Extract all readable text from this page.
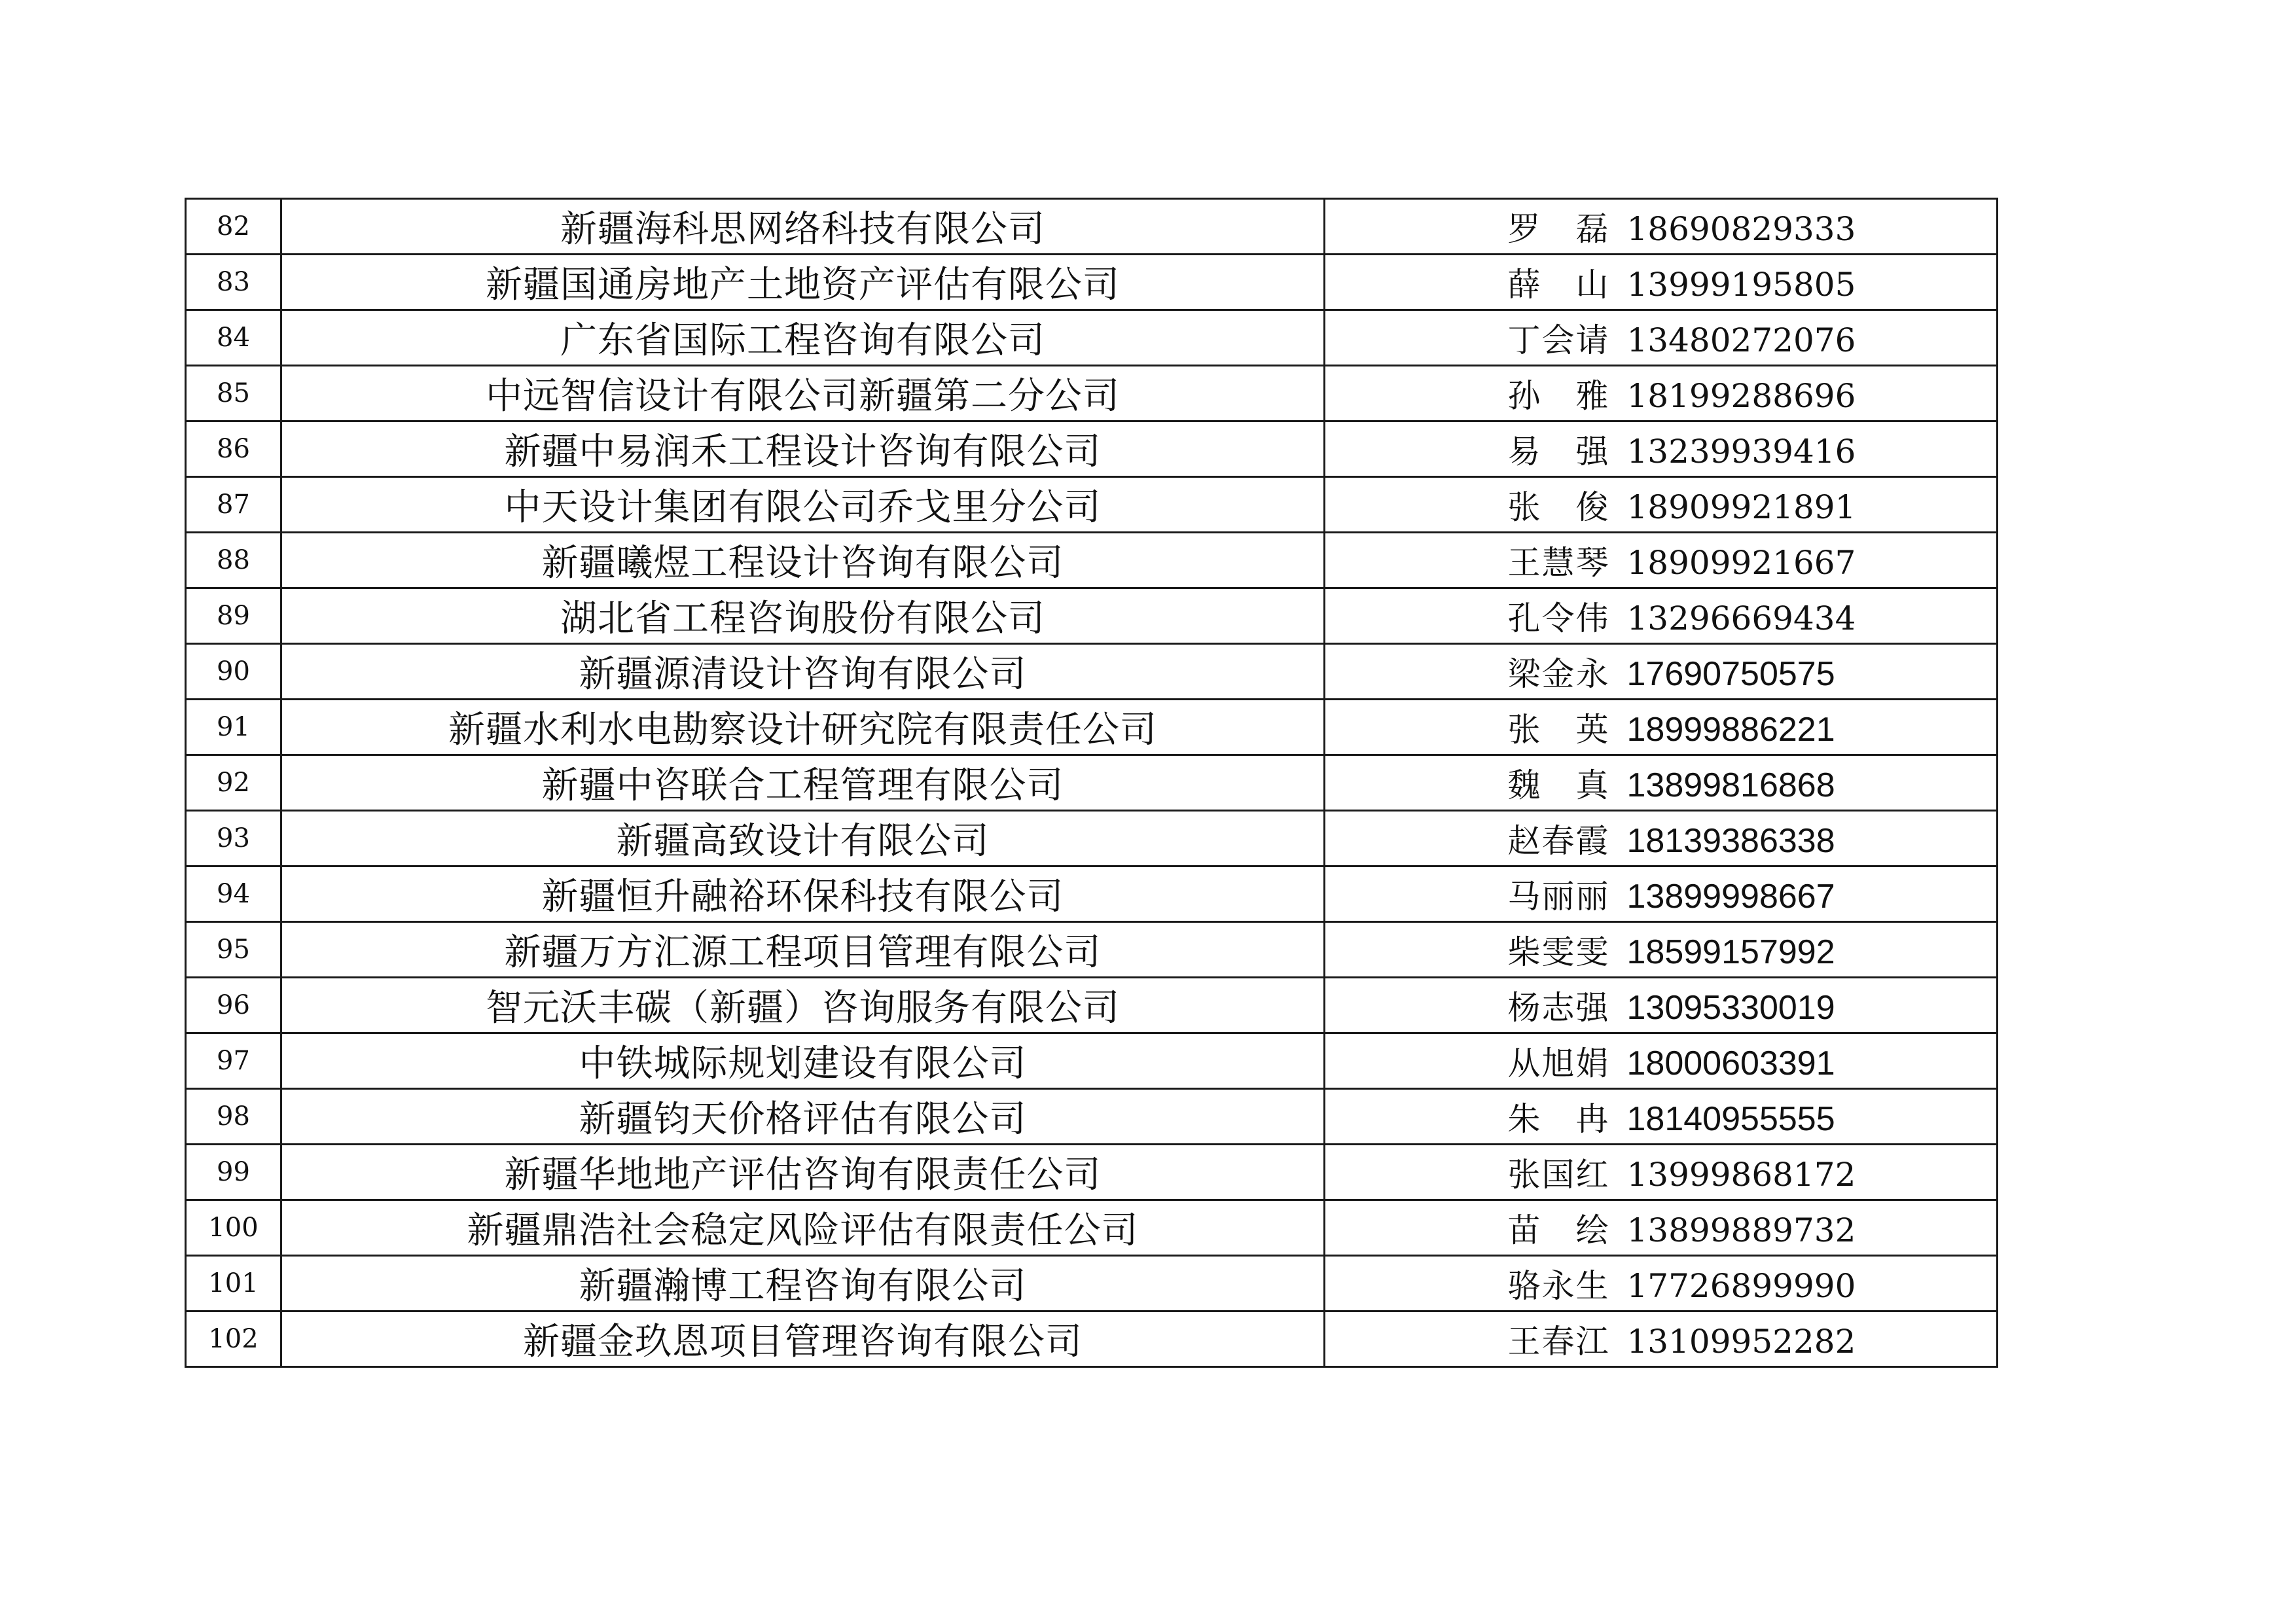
82	新疆海科思网络科技有限公司	罗　磊 18690829333
83	新疆国通房地产土地资产评估有限公司	薛　山 13999195805
84	广东省国际工程咨询有限公司	丁会请 13480272076
85	中远智信设计有限公司新疆第二分公司	孙　雅 18199288696
86	新疆中易润禾工程设计咨询有限公司	易　强 13239939416
87	中天设计集团有限公司乔戈里分公司	张　俊 18909921891
88	新疆曦煜工程设计咨询有限公司	王慧琴 18909921667
89	湖北省工程咨询股份有限公司	孔令伟 13296669434
90	新疆源清设计咨询有限公司	梁金永 17690750575
91	新疆水利水电勘察设计研究院有限责任公司	张　英 18999886221
92	新疆中咨联合工程管理有限公司	魏　真 13899816868
93	新疆高致设计有限公司	赵春霞 18139386338
94	新疆恒升融裕环保科技有限公司	马丽丽 13899998667
95	新疆万方汇源工程项目管理有限公司	柴雯雯 18599157992
96	智元沃丰碳（新疆）咨询服务有限公司	杨志强 13095330019
97	中铁城际规划建设有限公司	从旭娟 18000603391
98	新疆钧天价格评估有限公司	朱　冉 18140955555
99	新疆华地地产评估咨询有限责任公司	张国红 13999868172
100	新疆鼎浩社会稳定风险评估有限责任公司	苗　绘 13899889732
101	新疆瀚博工程咨询有限公司	骆永生 17726899990
102	新疆金玖恩项目管理咨询有限公司	王春江 13109952282
